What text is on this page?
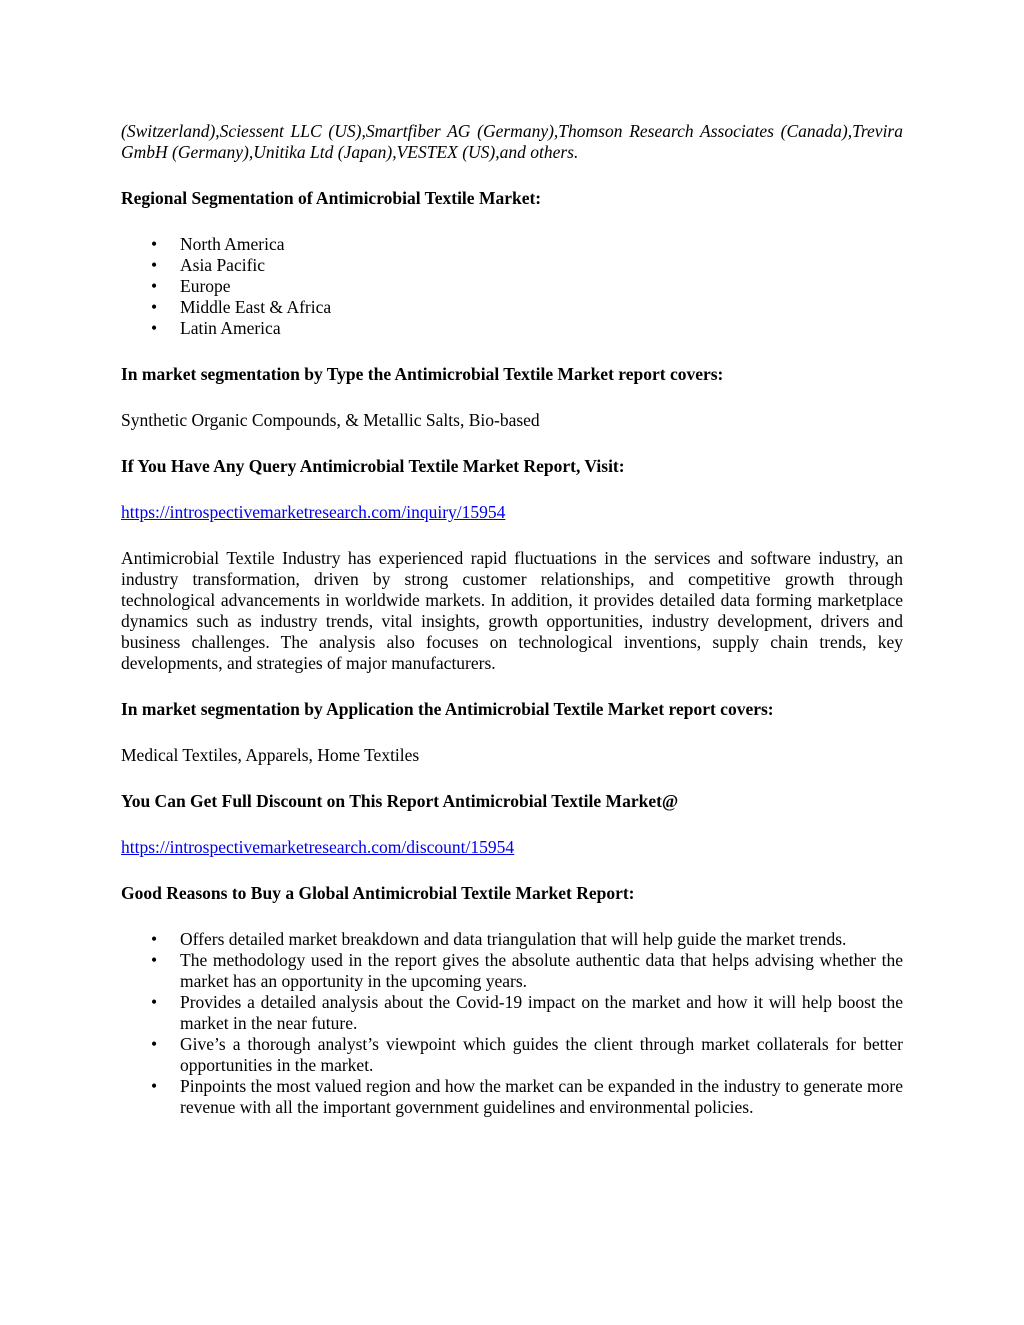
(Switzerland),Sciessent LLC (US),Smartfiber AG (Germany),Thomson Research Associates (Canada),Trevira GmbH (Germany),Unitika Ltd (Japan),VESTEX (US),and others.

Regional Segmentation of Antimicrobial Textile Market:

• North America
• Asia Pacific
• Europe
• Middle East & Africa
• Latin America

In market segmentation by Type the Antimicrobial Textile Market report covers:

Synthetic Organic Compounds, & Metallic Salts, Bio-based

If You Have Any Query Antimicrobial Textile Market Report, Visit:

https://introspectivemarketresearch.com/inquiry/15954

Antimicrobial Textile Industry has experienced rapid fluctuations in the services and software industry, an industry transformation, driven by strong customer relationships, and competitive growth through technological advancements in worldwide markets. In addition, it provides detailed data forming marketplace dynamics such as industry trends, vital insights, growth opportunities, industry development, drivers and business challenges. The analysis also focuses on technological inventions, supply chain trends, key developments, and strategies of major manufacturers.

In market segmentation by Application the Antimicrobial Textile Market report covers:

Medical Textiles, Apparels, Home Textiles

You Can Get Full Discount on This Report Antimicrobial Textile Market@

https://introspectivemarketresearch.com/discount/15954

Good Reasons to Buy a Global Antimicrobial Textile Market Report:

• Offers detailed market breakdown and data triangulation that will help guide the market trends.
• The methodology used in the report gives the absolute authentic data that helps advising whether the market has an opportunity in the upcoming years.
• Provides a detailed analysis about the Covid-19 impact on the market and how it will help boost the market in the near future.
• Give’s a thorough analyst’s viewpoint which guides the client through market collaterals for better opportunities in the market.
• Pinpoints the most valued region and how the market can be expanded in the industry to generate more revenue with all the important government guidelines and environmental policies.
